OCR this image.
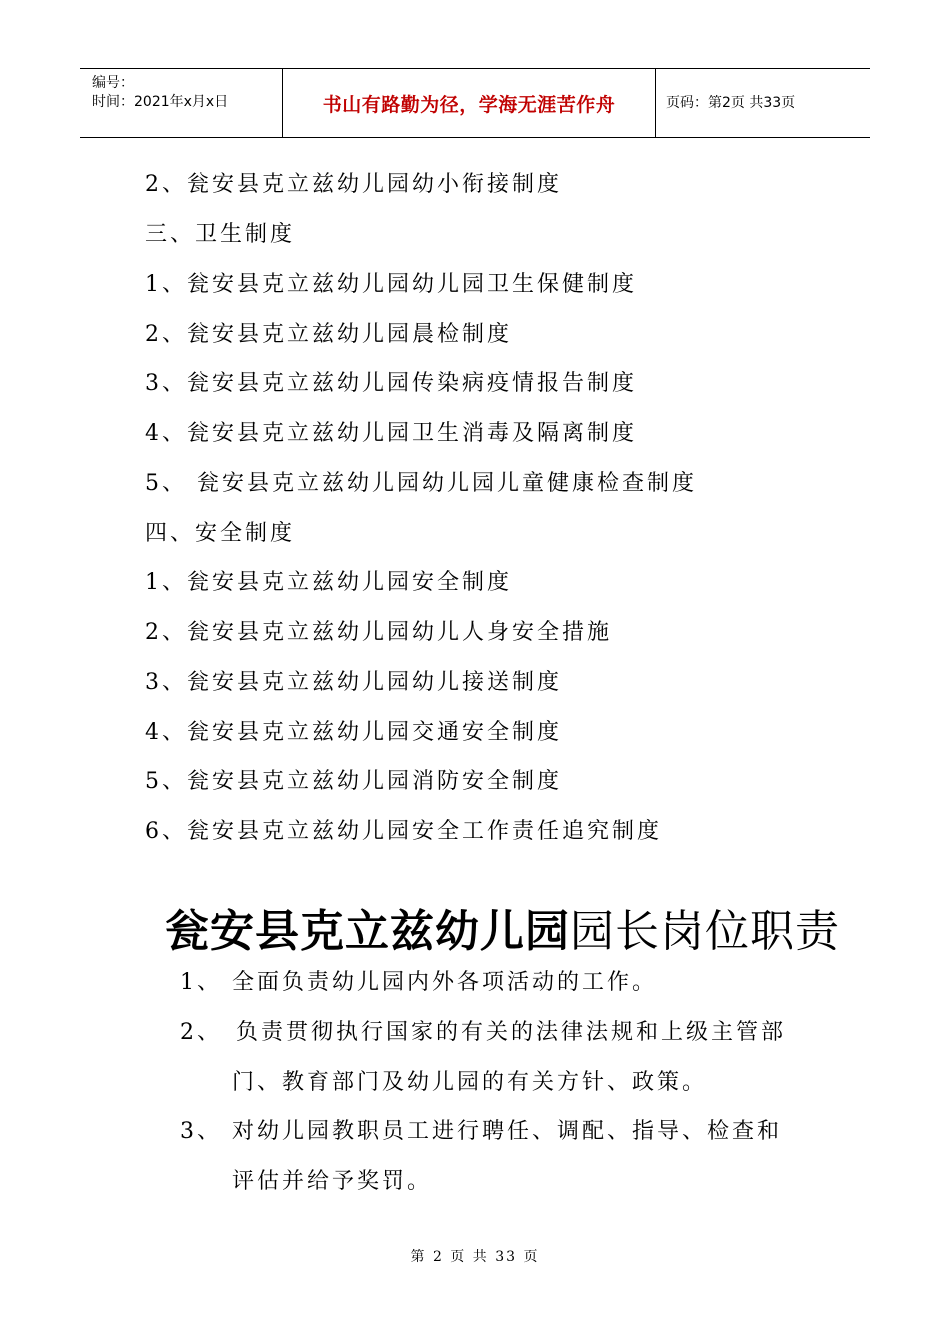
编号：
时间：2021年x月x日	书山有路勤为径，学海无涯苦作舟	页码：第2页 共33页
2、瓮安县克立兹幼儿园幼小衔接制度
三、卫生制度
1、瓮安县克立兹幼儿园幼儿园卫生保健制度
2、瓮安县克立兹幼儿园晨检制度
3、瓮安县克立兹幼儿园传染病疫情报告制度
4、瓮安县克立兹幼儿园卫生消毒及隔离制度
5、 瓮安县克立兹幼儿园幼儿园儿童健康检查制度
四、安全制度
1、瓮安县克立兹幼儿园安全制度
2、瓮安县克立兹幼儿园幼儿人身安全措施
3、瓮安县克立兹幼儿园幼儿接送制度
4、瓮安县克立兹幼儿园交通安全制度
5、瓮安县克立兹幼儿园消防安全制度
6、瓮安县克立兹幼儿园安全工作责任追究制度
瓮安县克立兹幼儿园园长岗位职责
1、 全面负责幼儿园内外各项活动的工作。
2、 负责贯彻执行国家的有关的法律法规和上级主管部
门、教育部门及幼儿园的有关方针、政策。
3、 对幼儿园教职员工进行聘任、调配、指导、检查和
评估并给予奖罚。
第 2 页 共 33 页
